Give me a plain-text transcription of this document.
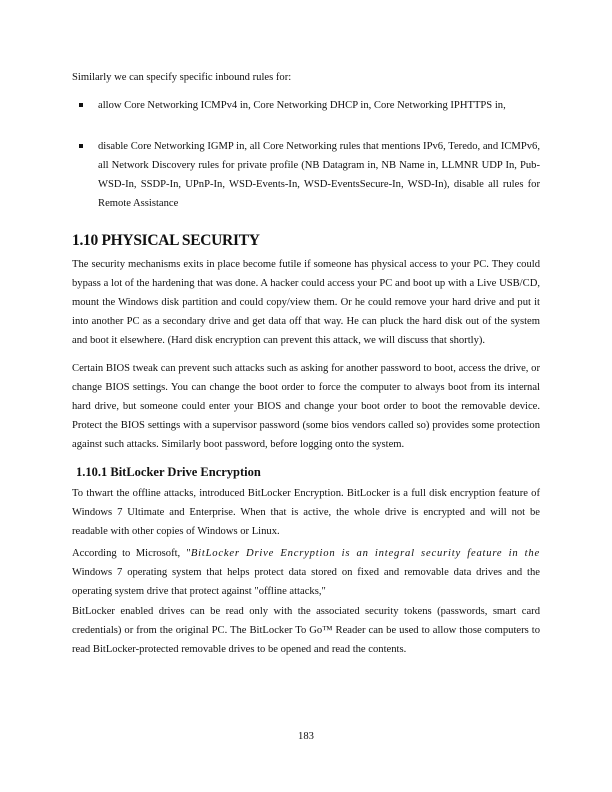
Similarly we can specify specific inbound rules for:

allow Core Networking ICMPv4 in, Core Networking DHCP in, Core Networking IPHTTPS in,
disable Core Networking IGMP in, all Core Networking rules that mentions IPv6, Teredo, and ICMPv6, all Network Discovery rules for private profile (NB Datagram in, NB Name in, LLMNR UDP In, Pub-WSD-In, SSDP-In, UPnP-In, WSD-Events-In, WSD-EventsSecure-In, WSD-In), disable all rules for Remote Assistance
1.10 PHYSICAL SECURITY

The security mechanisms exits in place become futile if someone has physical access to your PC. They could bypass a lot of the hardening that was done. A hacker could access your PC and boot up with a Live USB/CD, mount the Windows disk partition and could copy/view them. Or he could remove your hard drive and put it into another PC as a secondary drive and get data off that way. He can pluck the hard disk out of the system and boot it elsewhere. (Hard disk encryption can prevent this attack, we will discuss that shortly).

Certain BIOS tweak can prevent such attacks such as asking for another password to boot, access the drive, or change BIOS settings. You can change the boot order to force the computer to always boot from its internal hard drive, but someone could enter your BIOS and change your boot order to boot the removable device. Protect the BIOS settings with a supervisor password (some bios vendors called so) provides some protection against such attacks. Similarly boot password, before logging onto the system.

1.10.1 BitLocker Drive Encryption

To thwart the offline attacks, introduced BitLocker Encryption. BitLocker is a full disk encryption feature of Windows 7 Ultimate and Enterprise. When that is active, the whole drive is encrypted and will not be readable with other copies of Windows or Linux.

According to Microsoft, "BitLocker Drive Encryption is an integral security feature in the Windows 7 operating system that helps protect data stored on fixed and removable data drives and the operating system drive that protect against "offline attacks,"

BitLocker enabled drives can be read only with the associated security tokens (passwords, smart card credentials) or from the original PC. The BitLocker To Go™ Reader can be used to allow those computers to read BitLocker-protected removable drives to be opened and read the contents.

183
